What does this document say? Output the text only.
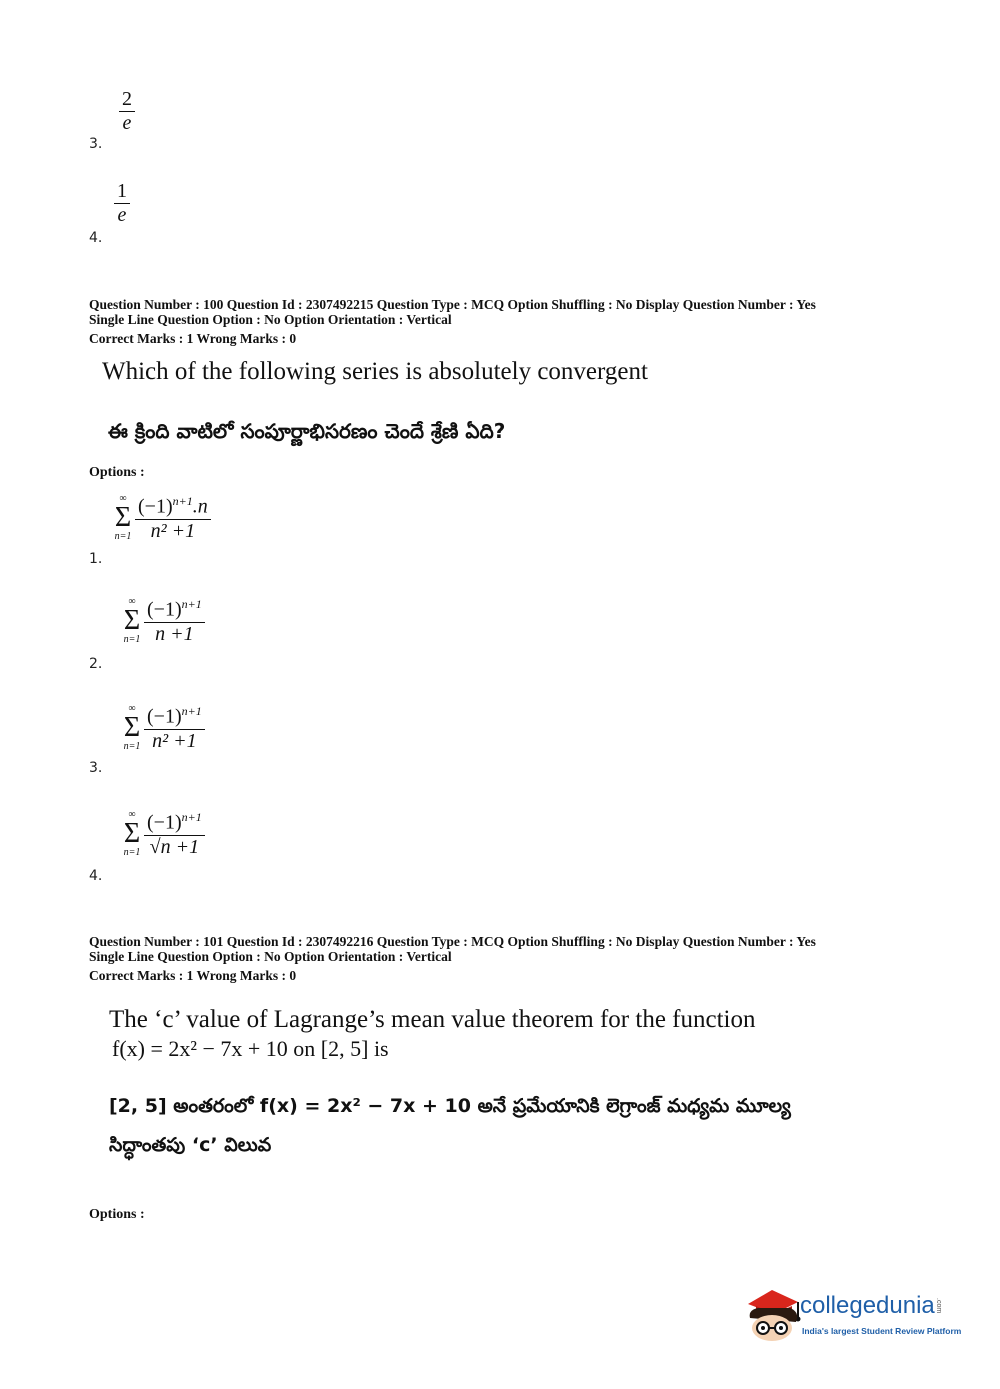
$\frac{2}{e}$
3.
$\frac{1}{e}$
4.
Question Number : 100 Question Id : 2307492215 Question Type : MCQ Option Shuffling : No Display Question Number : Yes
Single Line Question Option : No Option Orientation : Vertical
Correct Marks : 1 Wrong Marks : 0
Which of the following series is absolutely convergent
ఈ క్రింది వాటిలో సంపూర్ణాభిసరణం చెందే శ్రేణి ఏది?
Options :
∞
Σ
$n=1 \frac{(-1)^{n+1}.n}{\text{n² +1}}$
1.
∞
Σ
$n=1 \frac{(-1)^{n+1}}{n +1}$
2.
∞
Σ
$n=1 \frac{(-1)^{n+1}}{\text{n² +1}}$
3.
∞
Σ
$n=1 \frac{(-1)^{n+1}}{√n +1}$
4.
Question Number : 101 Question Id : 2307492216 Question Type : MCQ Option Shuffling : No Display Question Number : Yes
Single Line Question Option : No Option Orientation : Vertical
Correct Marks : 1 Wrong Marks : 0
The ‘c’ value of Lagrange’s mean value theorem for the function
f(x) = 2x² − 7x + 10 on [2, 5] is
[2, 5] అంతరంలో f(x) = 2x² − 7x + 10 అనే ప్రమేయానికి లెగ్రాంజ్ మధ్యమ మూల్య
సిద్ధాంతపు ‘c’ విలువ
Options :
collegedunia.com
India's largest Student Review Platform
